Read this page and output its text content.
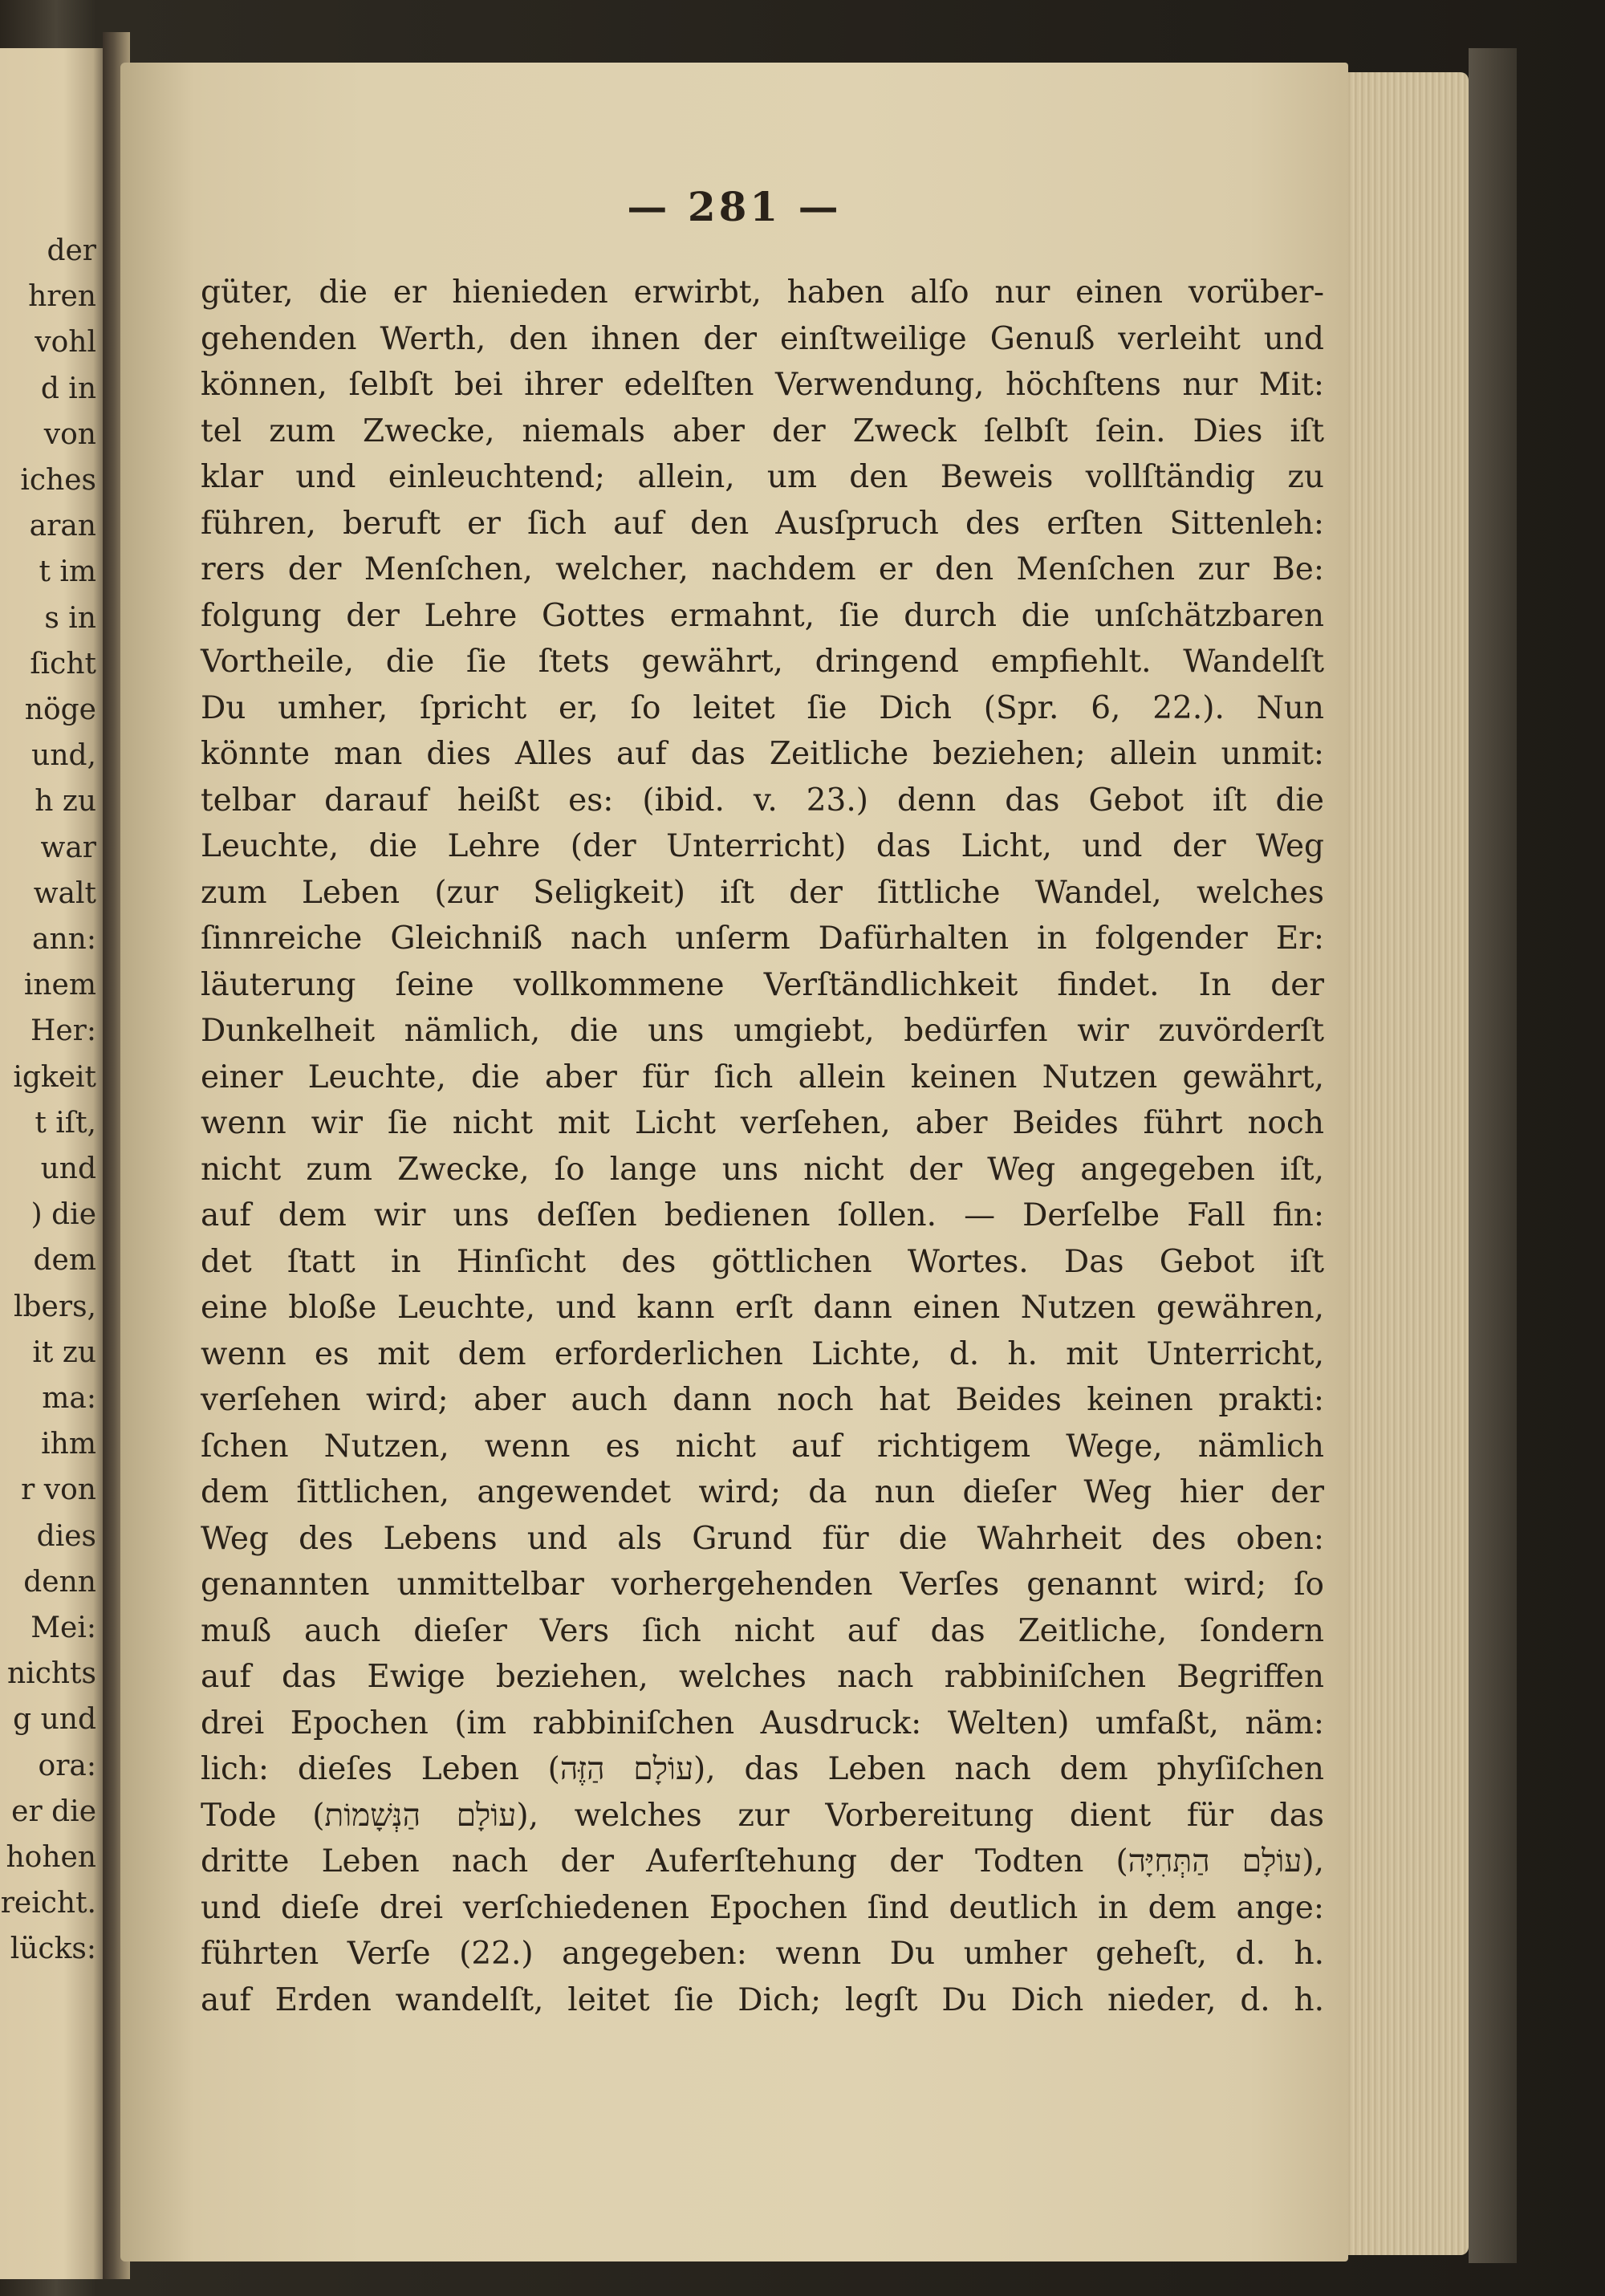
der
hren
vohl
d in
von
iches
aran
t im
s in
ſicht
nöge
und,
h zu
war
walt
ann:
inem
Her:
igkeit
t iſt,
und
) die
dem
lbers,
it zu
ma:
ihm
r von
dies
denn
Mei:
nichts
g und
ora:
er die
hohen
reicht.
lücks:
— 281 —
güter, die er hienieden erwirbt, haben alſo nur einen vorüber-
gehenden Werth, den ihnen der einſtweilige Genuß verleiht und
können, ſelbſt bei ihrer edelſten Verwendung, höchſtens nur Mit:
tel zum Zwecke, niemals aber der Zweck ſelbſt ſein. Dies iſt
klar und einleuchtend; allein, um den Beweis vollſtändig zu
führen, beruft er ſich auf den Ausſpruch des erſten Sittenleh:
rers der Menſchen, welcher, nachdem er den Menſchen zur Be:
folgung der Lehre Gottes ermahnt, ſie durch die unſchätzbaren
Vortheile, die ſie ſtets gewährt, dringend empfiehlt. Wandelſt
Du umher, ſpricht er, ſo leitet ſie Dich (Spr. 6, 22.). Nun
könnte man dies Alles auf das Zeitliche beziehen; allein unmit:
telbar darauf heißt es: (ibid. v. 23.) denn das Gebot iſt die
Leuchte, die Lehre (der Unterricht) das Licht, und der Weg
zum Leben (zur Seligkeit) iſt der ſittliche Wandel, welches
ſinnreiche Gleichniß nach unſerm Dafürhalten in folgender Er:
läuterung ſeine vollkommene Verſtändlichkeit findet. In der
Dunkelheit nämlich, die uns umgiebt, bedürfen wir zuvörderſt
einer Leuchte, die aber für ſich allein keinen Nutzen gewährt,
wenn wir ſie nicht mit Licht verſehen, aber Beides führt noch
nicht zum Zwecke, ſo lange uns nicht der Weg angegeben iſt,
auf dem wir uns deſſen bedienen ſollen. — Derſelbe Fall fin:
det ſtatt in Hinſicht des göttlichen Wortes. Das Gebot iſt
eine bloße Leuchte, und kann erſt dann einen Nutzen gewähren,
wenn es mit dem erforderlichen Lichte, d. h. mit Unterricht,
verſehen wird; aber auch dann noch hat Beides keinen prakti:
ſchen Nutzen, wenn es nicht auf richtigem Wege, nämlich
dem ſittlichen, angewendet wird; da nun dieſer Weg hier der
Weg des Lebens und als Grund für die Wahrheit des oben:
genannten unmittelbar vorhergehenden Verſes genannt wird; ſo
muß auch dieſer Vers ſich nicht auf das Zeitliche, ſondern
auf das Ewige beziehen, welches nach rabbiniſchen Begriffen
drei Epochen (im rabbiniſchen Ausdruck: Welten) umfaßt, näm:
lich: dieſes Leben (עוֹלָם הַזֶּה), das Leben nach dem phyſiſchen
Tode (עוֹלָם הַנְּשָׁמוֹת), welches zur Vorbereitung dient für das
dritte Leben nach der Auferſtehung der Todten (עוֹלָם הַתְּחִיָּה),
und dieſe drei verſchiedenen Epochen ſind deutlich in dem ange:
führten Verſe (22.) angegeben: wenn Du umher geheſt, d. h.
auf Erden wandelſt, leitet ſie Dich; legſt Du Dich nieder, d. h.
